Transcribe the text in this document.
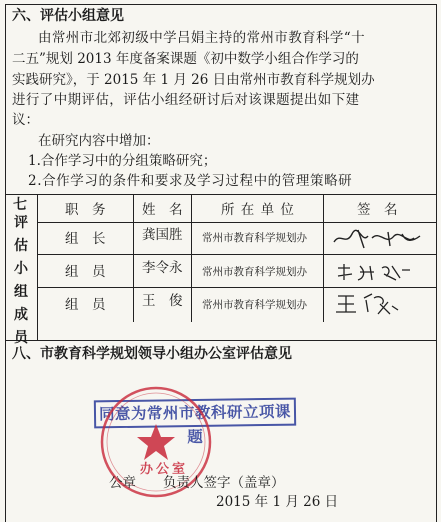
六、评估小组意见
由常州市北郊初级中学吕娟主持的常州市教育科学“十
二五”规划 2013 年度备案课题《初中数学小组合作学习的
实践研究》，于 2015 年 1 月 26 日由常州市教育科学规划办
进行了中期评估，评估小组经研讨后对该课题提出如下建
议：
在研究内容中增加：
1.合作学习中的分组策略研究；
2.合作学习的条件和要求及学习过程中的管理策略研
七
评
估
小
组
成
员
职　务	姓　名	所 在 单 位	签　名
组　长	龚国胜 常州市教育科学规划办
组　员	李令永 常州市教育科学规划办
组　员	王　俊 常州市教育科学规划办
八、市教育科学规划领导小组办公室评估意见
同意为常州市教科研立项课题
办公室
公章　　负责人签字（盖章）
2015 年 1 月 26 日
